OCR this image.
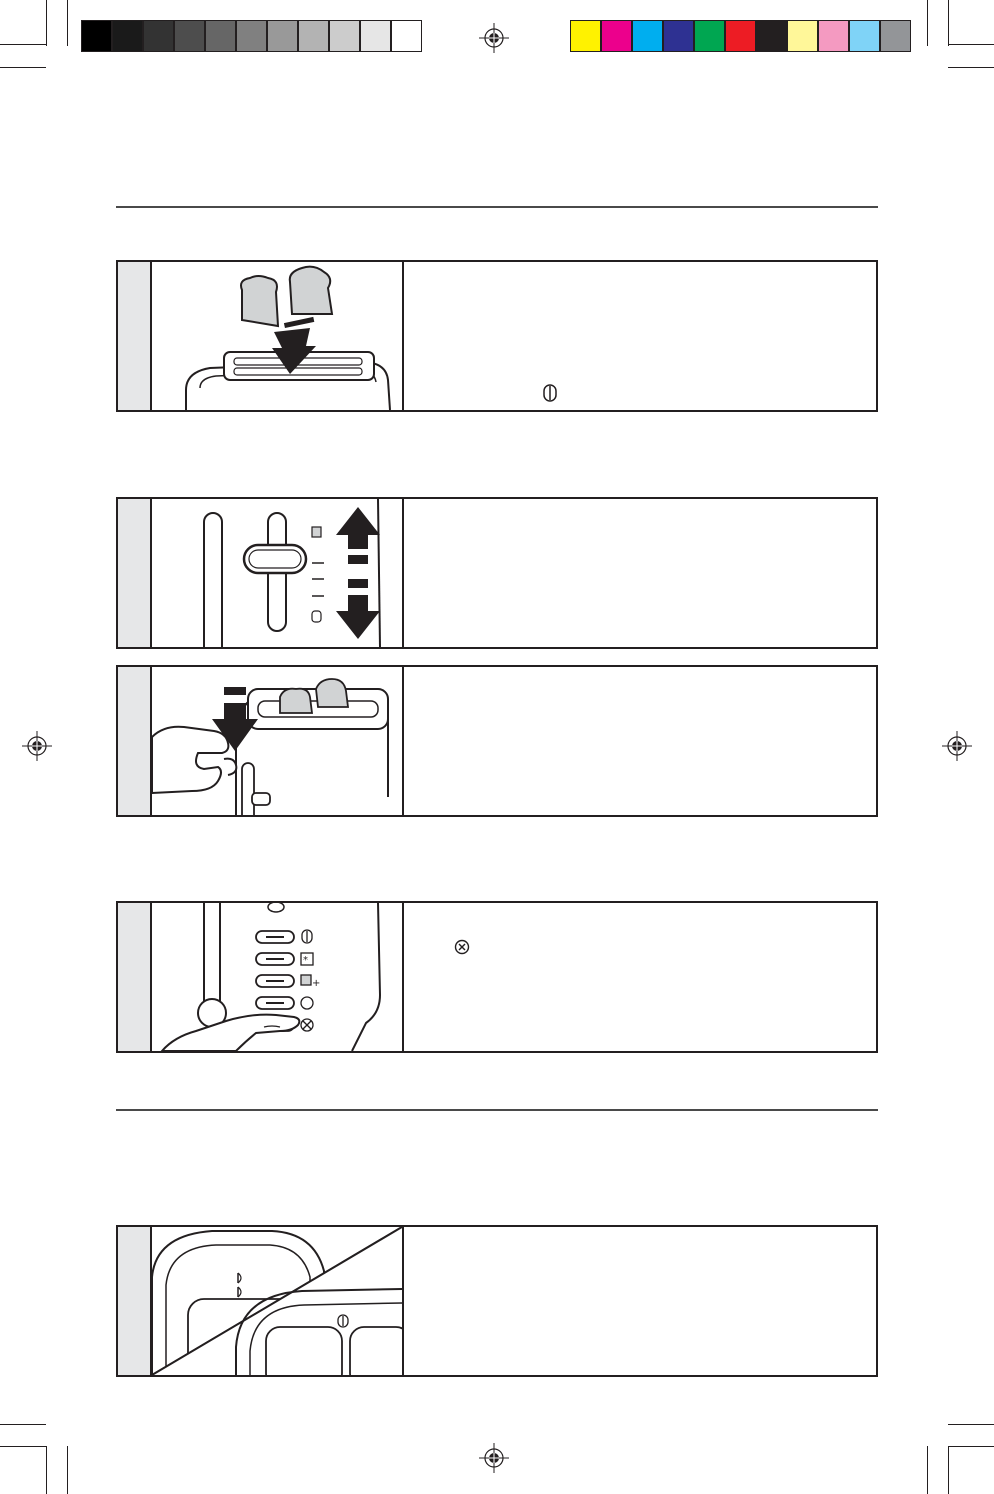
*
+
